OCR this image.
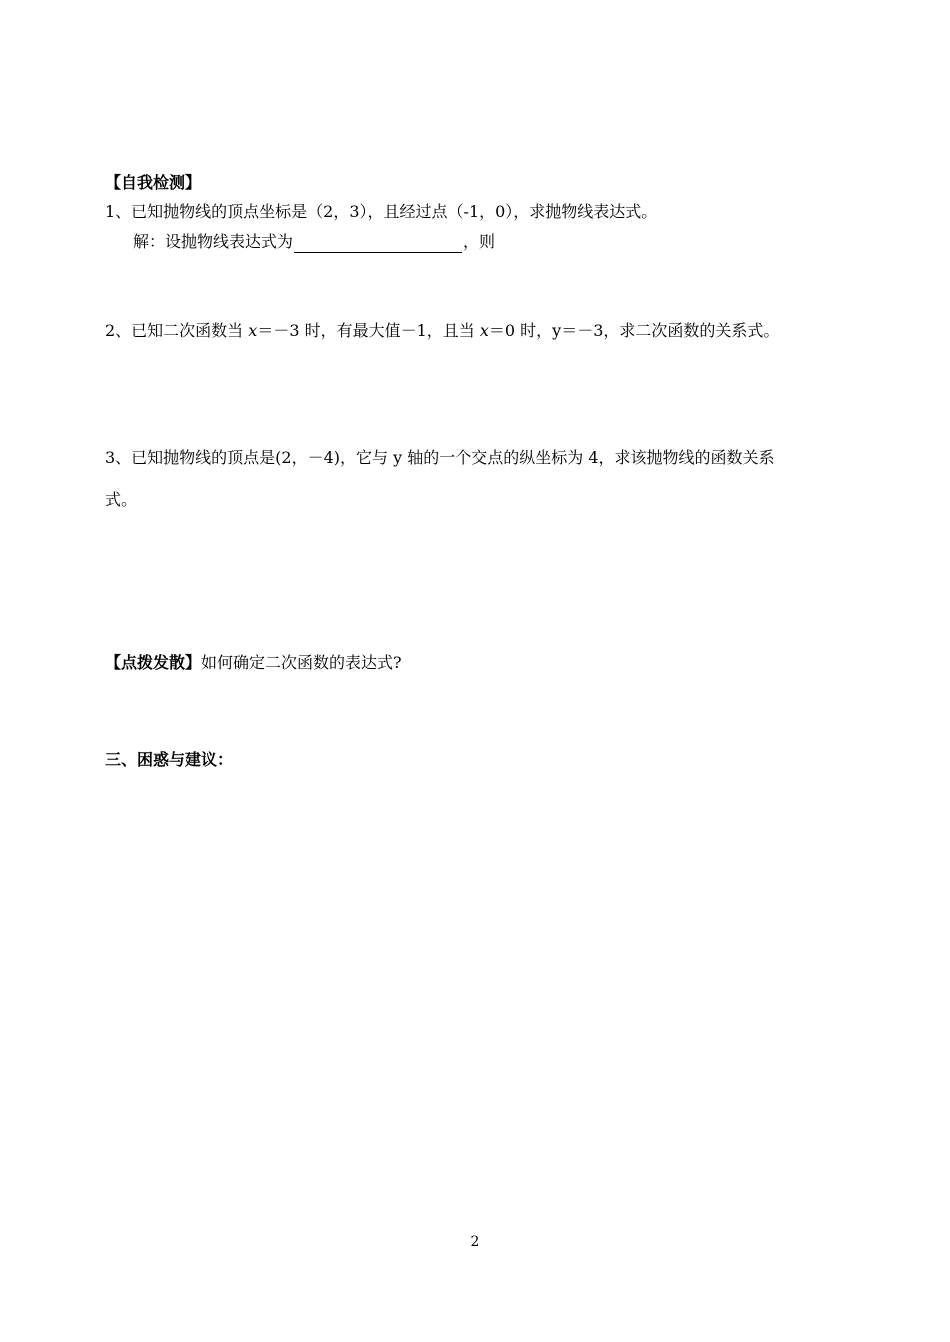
【自我检测】
1、已知抛物线的顶点坐标是（2，3），且经过点（-1，0），求抛物线表达式。
解：设抛物线表达式为	，则
2、已知二次函数当 x＝－3 时，有最大值－1，且当 x＝0 时，y＝－3，求二次函数的关系式。
3、已知抛物线的顶点是(2，－4)，它与 y 轴的一个交点的纵坐标为 4，求该抛物线的函数关系
式。
【点拨发散】如何确定二次函数的表达式?
三、困惑与建议：
2
